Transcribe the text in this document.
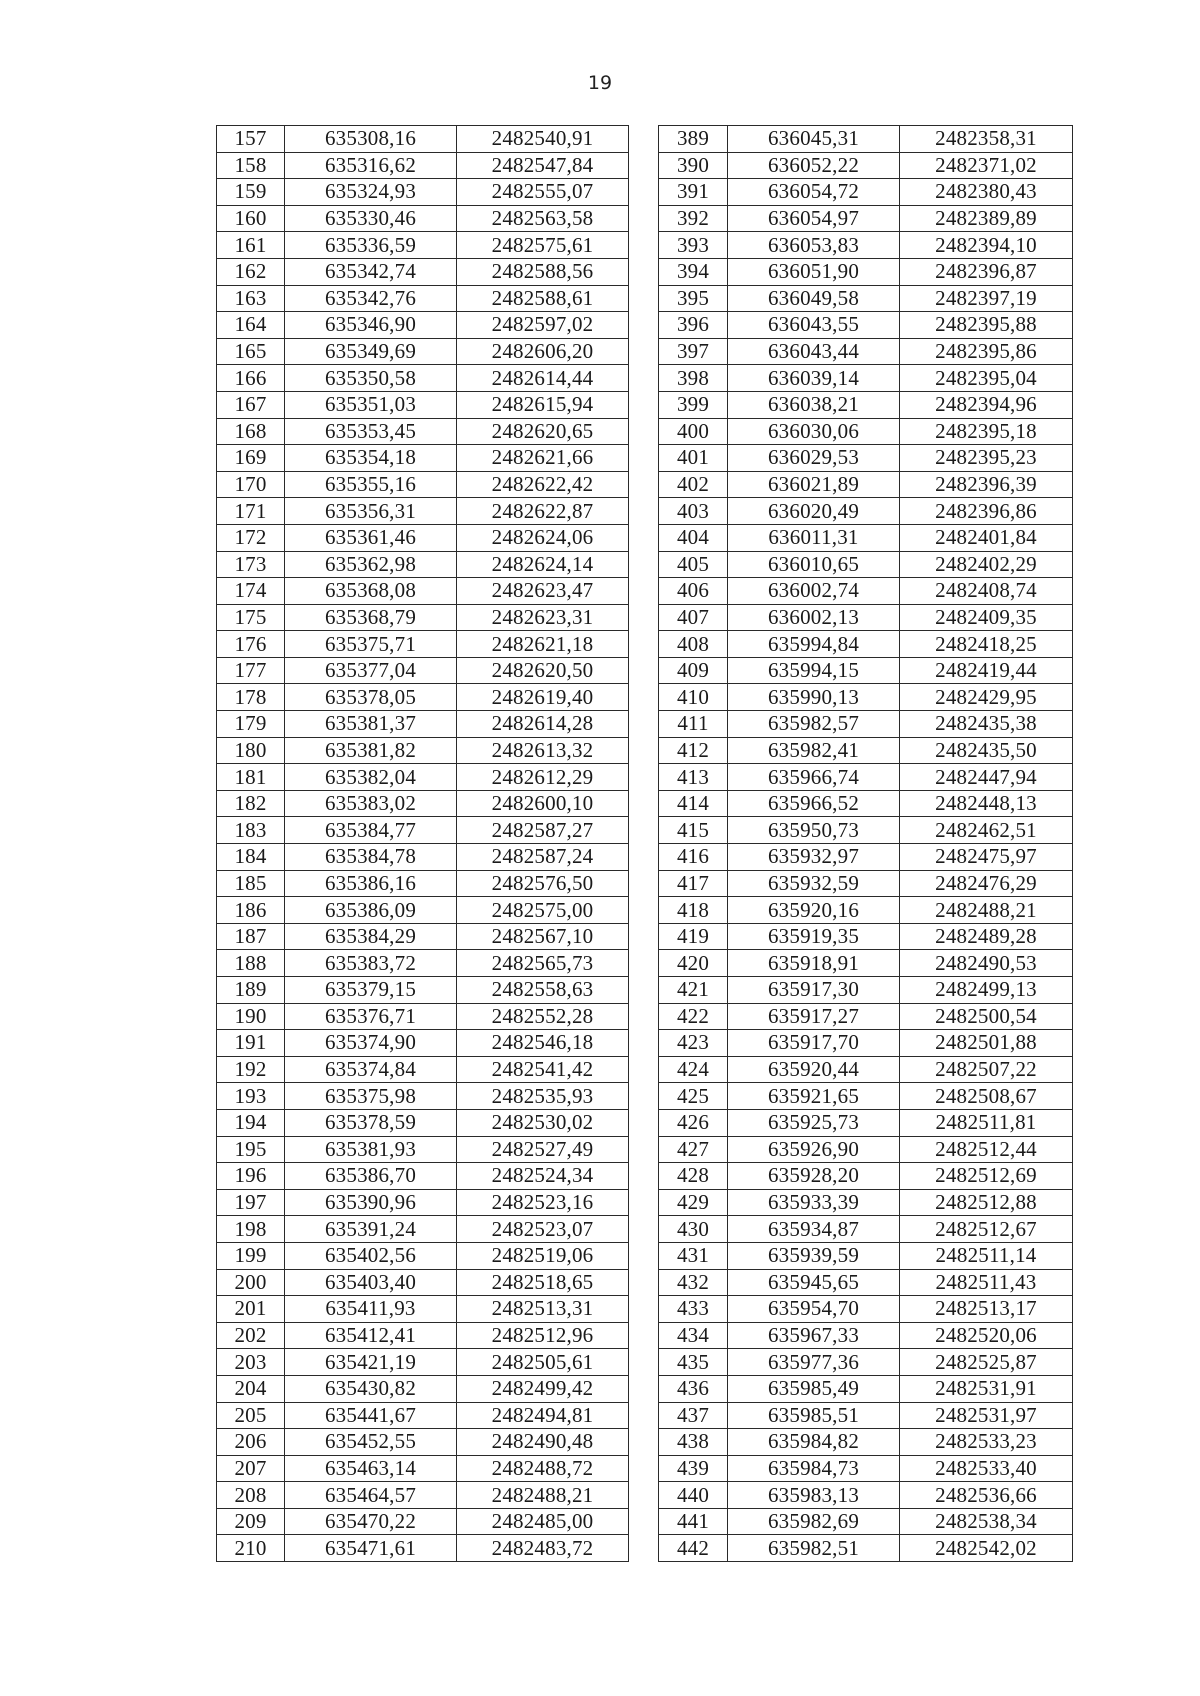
19
157	635308,16	2482540,91		389	636045,31	2482358,31
158	635316,62	2482547,84		390	636052,22	2482371,02
159	635324,93	2482555,07		391	636054,72	2482380,43
160	635330,46	2482563,58		392	636054,97	2482389,89
161	635336,59	2482575,61		393	636053,83	2482394,10
162	635342,74	2482588,56		394	636051,90	2482396,87
163	635342,76	2482588,61		395	636049,58	2482397,19
164	635346,90	2482597,02		396	636043,55	2482395,88
165	635349,69	2482606,20		397	636043,44	2482395,86
166	635350,58	2482614,44		398	636039,14	2482395,04
167	635351,03	2482615,94		399	636038,21	2482394,96
168	635353,45	2482620,65		400	636030,06	2482395,18
169	635354,18	2482621,66		401	636029,53	2482395,23
170	635355,16	2482622,42		402	636021,89	2482396,39
171	635356,31	2482622,87		403	636020,49	2482396,86
172	635361,46	2482624,06		404	636011,31	2482401,84
173	635362,98	2482624,14		405	636010,65	2482402,29
174	635368,08	2482623,47		406	636002,74	2482408,74
175	635368,79	2482623,31		407	636002,13	2482409,35
176	635375,71	2482621,18		408	635994,84	2482418,25
177	635377,04	2482620,50		409	635994,15	2482419,44
178	635378,05	2482619,40		410	635990,13	2482429,95
179	635381,37	2482614,28		411	635982,57	2482435,38
180	635381,82	2482613,32		412	635982,41	2482435,50
181	635382,04	2482612,29		413	635966,74	2482447,94
182	635383,02	2482600,10		414	635966,52	2482448,13
183	635384,77	2482587,27		415	635950,73	2482462,51
184	635384,78	2482587,24		416	635932,97	2482475,97
185	635386,16	2482576,50		417	635932,59	2482476,29
186	635386,09	2482575,00		418	635920,16	2482488,21
187	635384,29	2482567,10		419	635919,35	2482489,28
188	635383,72	2482565,73		420	635918,91	2482490,53
189	635379,15	2482558,63		421	635917,30	2482499,13
190	635376,71	2482552,28		422	635917,27	2482500,54
191	635374,90	2482546,18		423	635917,70	2482501,88
192	635374,84	2482541,42		424	635920,44	2482507,22
193	635375,98	2482535,93		425	635921,65	2482508,67
194	635378,59	2482530,02		426	635925,73	2482511,81
195	635381,93	2482527,49		427	635926,90	2482512,44
196	635386,70	2482524,34		428	635928,20	2482512,69
197	635390,96	2482523,16		429	635933,39	2482512,88
198	635391,24	2482523,07		430	635934,87	2482512,67
199	635402,56	2482519,06		431	635939,59	2482511,14
200	635403,40	2482518,65		432	635945,65	2482511,43
201	635411,93	2482513,31		433	635954,70	2482513,17
202	635412,41	2482512,96		434	635967,33	2482520,06
203	635421,19	2482505,61		435	635977,36	2482525,87
204	635430,82	2482499,42		436	635985,49	2482531,91
205	635441,67	2482494,81		437	635985,51	2482531,97
206	635452,55	2482490,48		438	635984,82	2482533,23
207	635463,14	2482488,72		439	635984,73	2482533,40
208	635464,57	2482488,21		440	635983,13	2482536,66
209	635470,22	2482485,00		441	635982,69	2482538,34
210	635471,61	2482483,72		442	635982,51	2482542,02
